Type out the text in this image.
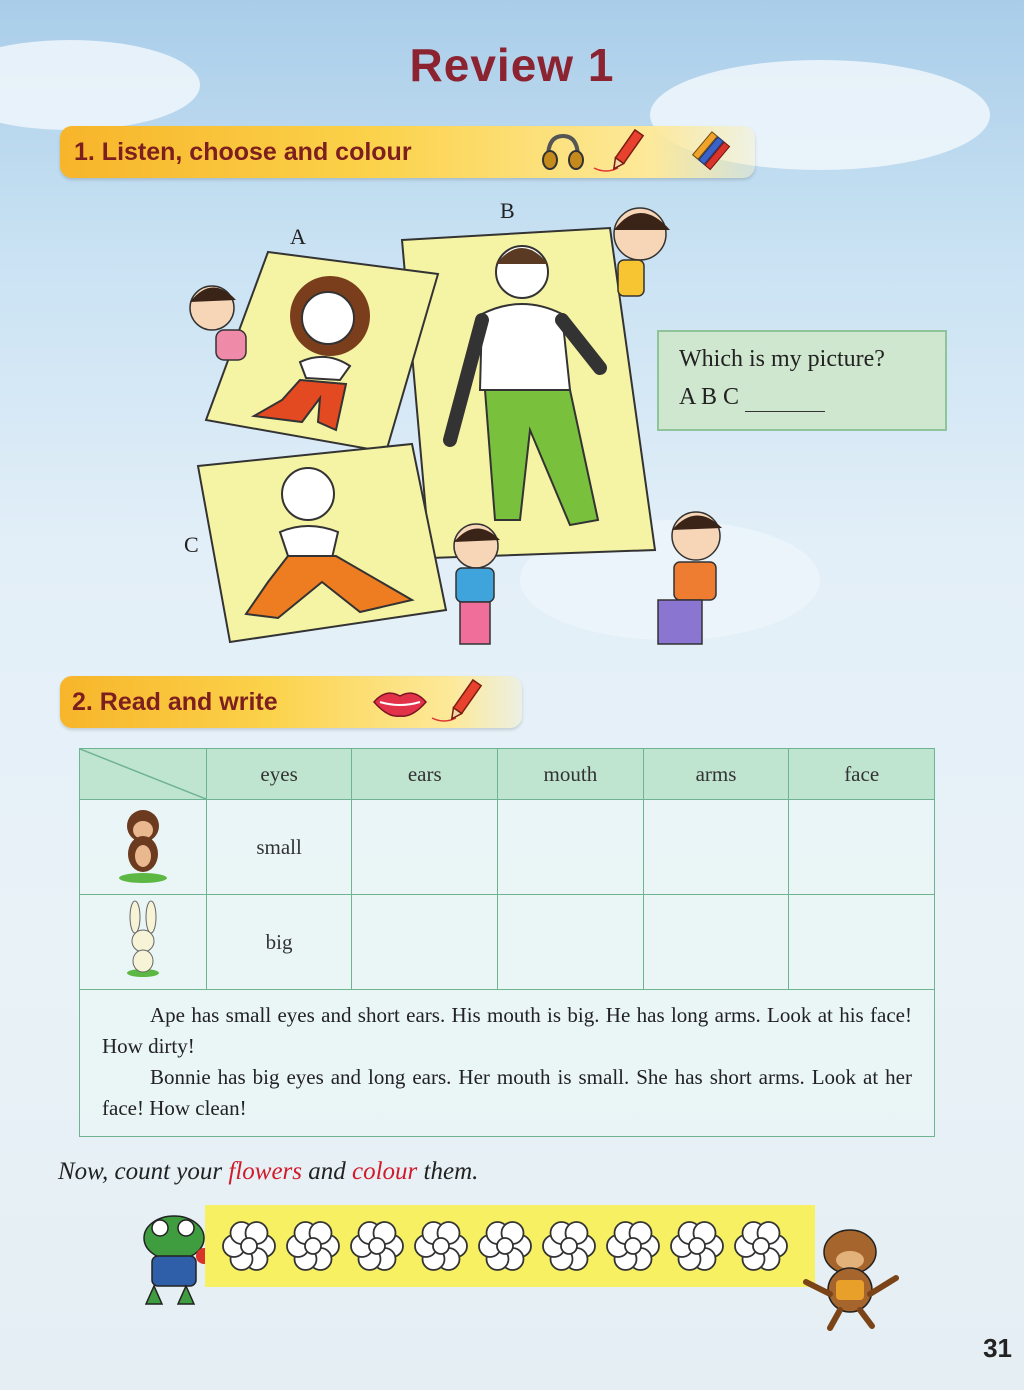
Review 1
1. Listen, choose and colour
A
C
B
Which is my picture?
A B C
2. Read and write
	eyes	ears	mouth	arms	face
	small				
	big				

Ape has small eyes and short ears. His mouth is big. He has long arms. Look at his face! How dirty!

Bonnie has big eyes and long ears. Her mouth is small. She has short arms. Look at her face! How clean!					

Now, count your flowers and colour them.
31
